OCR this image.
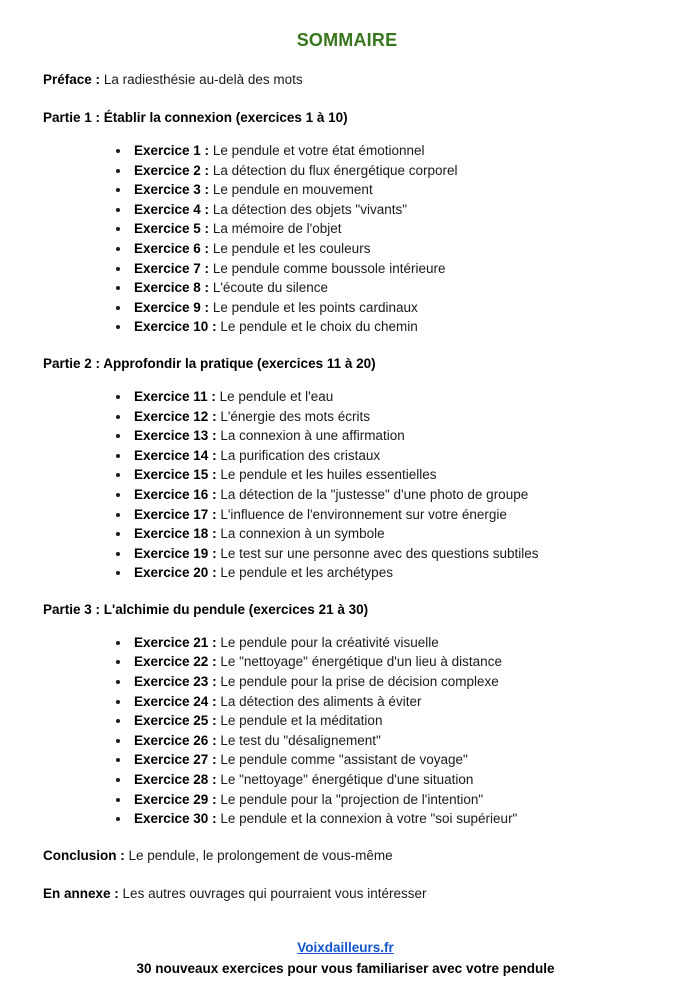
SOMMAIRE

Préface : La radiesthésie au-delà des mots

Partie 1 : Établir la connexion (exercices 1 à 10)

• Exercice 1 : Le pendule et votre état émotionnel
• Exercice 2 : La détection du flux énergétique corporel
• Exercice 3 : Le pendule en mouvement
• Exercice 4 : La détection des objets "vivants"
• Exercice 5 : La mémoire de l'objet
• Exercice 6 : Le pendule et les couleurs
• Exercice 7 : Le pendule comme boussole intérieure
• Exercice 8 : L'écoute du silence
• Exercice 9 : Le pendule et les points cardinaux
• Exercice 10 : Le pendule et le choix du chemin

Partie 2 : Approfondir la pratique (exercices 11 à 20)

• Exercice 11 : Le pendule et l'eau
• Exercice 12 : L'énergie des mots écrits
• Exercice 13 : La connexion à une affirmation
• Exercice 14 : La purification des cristaux
• Exercice 15 : Le pendule et les huiles essentielles
• Exercice 16 : La détection de la "justesse" d'une photo de groupe
• Exercice 17 : L'influence de l'environnement sur votre énergie
• Exercice 18 : La connexion à un symbole
• Exercice 19 : Le test sur une personne avec des questions subtiles
• Exercice 20 : Le pendule et les archétypes

Partie 3 : L'alchimie du pendule (exercices 21 à 30)

• Exercice 21 : Le pendule pour la créativité visuelle
• Exercice 22 : Le "nettoyage" énergétique d'un lieu à distance
• Exercice 23 : Le pendule pour la prise de décision complexe
• Exercice 24 : La détection des aliments à éviter
• Exercice 25 : Le pendule et la méditation
• Exercice 26 : Le test du "désalignement"
• Exercice 27 : Le pendule comme "assistant de voyage"
• Exercice 28 : Le "nettoyage" énergétique d'une situation
• Exercice 29 : Le pendule pour la "projection de l'intention"
• Exercice 30 : Le pendule et la connexion à votre "soi supérieur"

Conclusion : Le pendule, le prolongement de vous-même

En annexe : Les autres ouvrages qui pourraient vous intéresser

Voixdailleurs.fr

30 nouveaux exercices pour vous familiariser avec votre pendule
